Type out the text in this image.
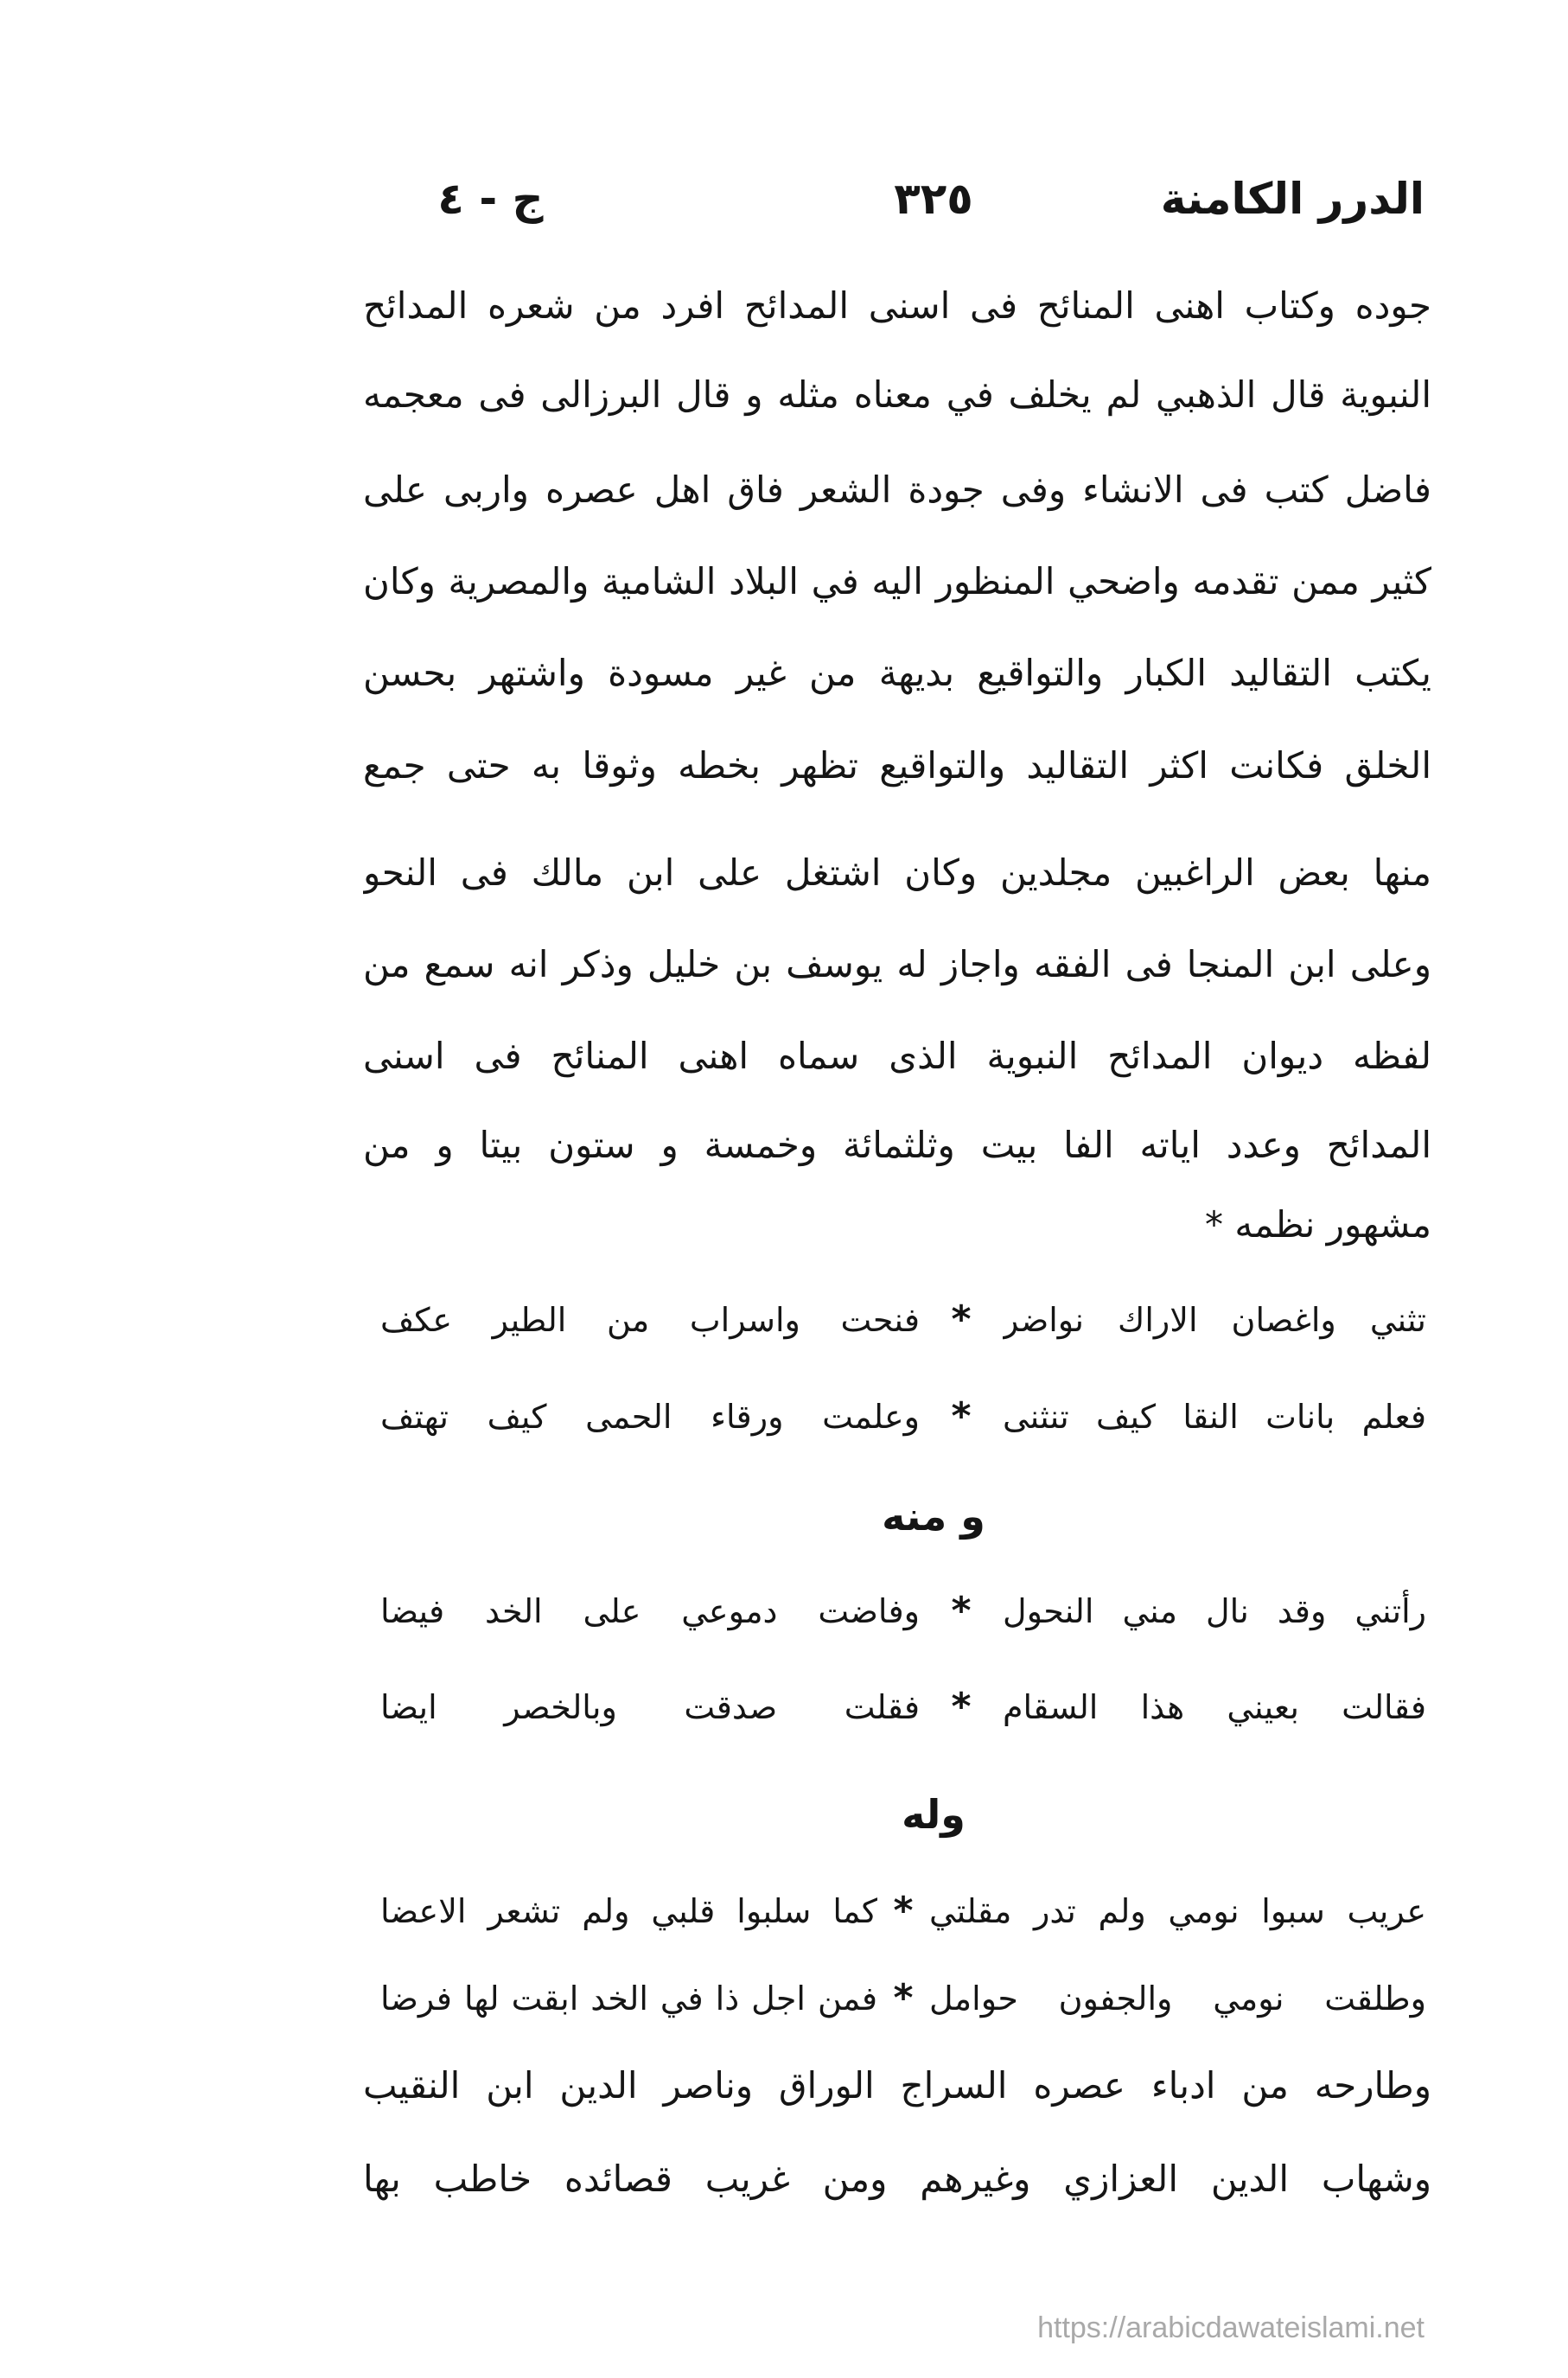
الدرر الكامنة
٣٢٥
ج - ٤
جوده وكتاب اهنى المنائح فى اسنى المدائح افرد من شعره المدائح
النبوية قال الذهبي لم يخلف في معناه مثله و قال البرزالى فى معجمه
فاضل كتب فى الانشاء وفى جودة الشعر فاق اهل عصره واربى على
كثير ممن تقدمه واضحي المنظور اليه في البلاد الشامية والمصرية وكان
يكتب التقاليد الكبار والتواقيع بديهة من غير مسودة واشتهر بحسن
الخلق فكانت اكثر التقاليد والتواقيع تظهر بخطه وثوقا به حتى جمع
منها بعض الراغبين مجلدين وكان اشتغل على ابن مالك فى النحو
وعلى ابن المنجا فى الفقه واجاز له يوسف بن خليل وذكر انه سمع من
لفظه ديوان المدائح النبوية الذى سماه اهنى المنائح فى اسنى
المدائح وعدد اياته الفا بيت وثلثمائة وخمسة و ستون بيتا و من
مشهور نظمه *
تثني واغصان الاراك نواضر
*
فنحت واسراب من الطير عكف
فعلم بانات النقا كيف تنثنى
*
وعلمت ورقاء الحمى كيف تهتف
و منه
رأتني وقد نال مني النحول
*
وفاضت دموعي على الخد فيضا
فقالت بعيني هذا السقام
*
فقلت صدقت وبالخصر ايضا
وله
عريب سبوا نومي ولم تدر مقلتي
*
كما سلبوا قلبي ولم تشعر الاعضا
وطلقت نومي والجفون حوامل
*
فمن اجل ذا في الخد ابقت لها فرضا
وطارحه من ادباء عصره السراج الوراق وناصر الدين ابن النقيب
وشهاب الدين العزازي وغيرهم ومن غريب قصائده خاطب بها
https://arabicdawateislami.net
